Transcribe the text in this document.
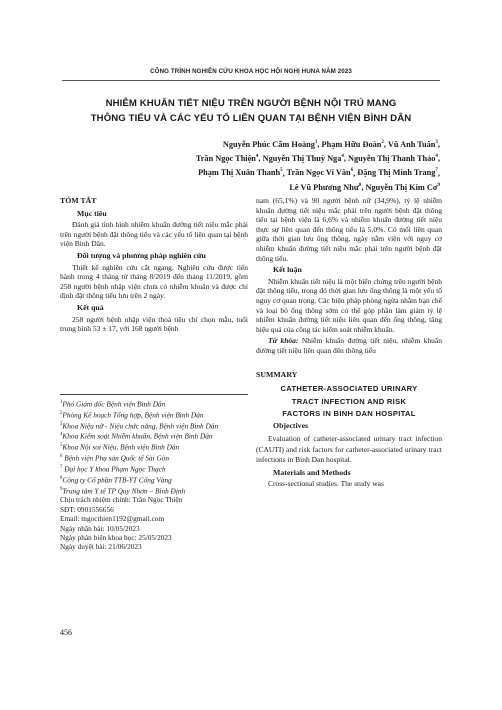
CÔNG TRÌNH NGHIÊN CỨU KHOA HỌC HỘI NGHỊ HUNA NĂM 2023
NHIỄM KHUẨN TIẾT NIỆU TRÊN NGƯỜI BỆNH NỘI TRÚ MANG
THÔNG TIỂU VÀ CÁC YẾU TỐ LIÊN QUAN TẠI BỆNH VIỆN BÌNH DÂN
Nguyễn Phúc Cẩm Hoàng$^1$, Phạm Hữu Đoàn$^2$, Vũ Anh Tuấn$^3$,
Trần Ngọc Thiện$^4$, Nguyễn Thị Thuỳ Nga$^4$, Nguyễn Thị Thanh Thảo$^4$,
Phạm Thị Xuân Thanh$^5$, Trần Ngọc Vi Vân$^6$, Đặng Thị Minh Trang$^7$,
Lê Vũ Phương Như$^8$, Nguyễn Thị Kim $Cơ^9$

TÓM TẮT

Mục tiêu

Đánh giá tình hình nhiễm khuẩn đường tiết niệu mắc phải trên người bệnh đặt thông tiểu và các yếu tố liên quan tại bệnh viện Bình Dân.

Đối tượng và phương pháp nghiên cứu

Thiết kế nghiên cứu cắt ngang. Nghiên cứu được tiến hành trong 4 tháng từ tháng 8/2019 đến tháng 11/2019, gồm 258 người bệnh nhập viện chưa có nhiễm khuẩn và được chỉ định đặt thông tiểu lưu trên 2 ngày.

Kết quả

258 người bệnh nhập viện thoả tiêu chí chọn mẫu, tuổi trung bình 53 ± 17, với 168 người bệnh

$^1$Phó Giám đốc Bệnh viện Bình Dân
$^2$Phòng Kế hoạch Tổng hợp, Bệnh viện Bình Dân
$^3$Khoa Niệu nữ - Niệu chức năng, Bệnh viện Bình Dân
$^4$Khoa Kiểm soát Nhiễm khuẩn, Bệnh viện Bình Dân
$^5$Khoa Nội soi Niệu, Bệnh viện Bình Dân
$^6$ Bệnh viện Phụ sản Quốc tế Sài Gòn
$^7$ Đại học Y khoa Phạm Ngọc Thạch
$^8$Công ty Cổ phần TTB-YT Cổng Vàng
$^9$Trung tâm Y tế TP Quy Nhơn – Bình Định
Chịu trách nhiệm chính: Trần Ngọc Thiện
SĐT: 0901556656
Email: tngocthien1192@gmail.com
Ngày nhận bài: 10/05/2023
Ngày phản biện khoa học: 25/05/2023
Ngày duyệt bài: 21/06/2023

nam (65,1%) và 90 người bệnh nữ (34,9%), tỷ lệ nhiễm khuẩn đường tiết niệu mắc phải trên người bệnh đặt thông tiểu tại bệnh viện là 6,6% và nhiễm khuẩn đường tiết niệu thực sự liên quan đến thông tiểu là 5,0%. Có mối liên quan giữa thời gian lưu ống thông, ngày nằm viện với nguy cơ nhiễm khuẩn đường tiết niệu mắc phải trên người bệnh đặt thông tiểu.

Kết luận

Nhiễm khuẩn tiết niệu là một biến chứng trên người bệnh đặt thông tiểu, trong đó thời gian lưu ống thông là một yếu tố nguy cơ quan trọng. Các biện pháp phòng ngừa nhằm hạn chế và loại bỏ ống thông sớm có thể góp phần làm giảm tỷ lệ nhiễm khuẩn đường tiết niệu liên quan đến ống thông, tăng hiệu quả của công tác kiểm soát nhiễm khuẩn.

Từ khóa: Nhiễm khuẩn đường tiết niệu, nhiễm khuẩn đường tiết niệu liên quan đến thông tiểu

SUMMARY

CATHETER-ASSOCIATED URINARY
TRACT INFECTION AND RISK
FACTORS IN BINH DAN HOSPITAL

Objectives

Evaluation of catheter-associated urinary tract infection (CAUTI) and risk factors for catheter-associated urinary tract infections in Binh Dan hospital.

Materials and Methods

Cross-sectional studies. The study was

456
